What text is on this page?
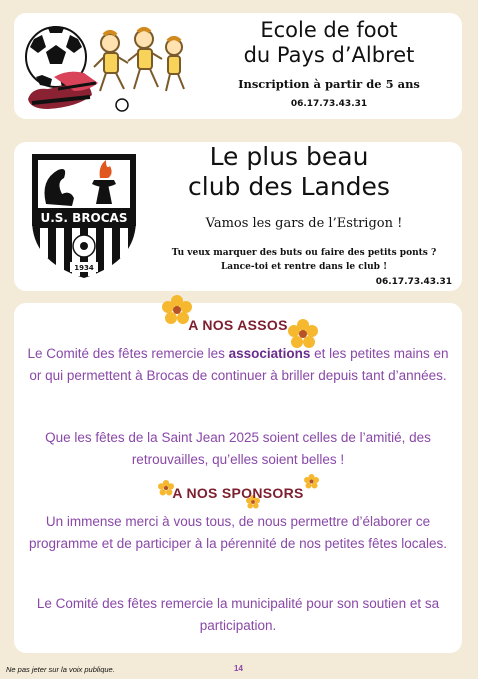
Ecole de foot
du Pays d’Albret
Inscription à partir de 5 ans
06.17.73.43.31
U.S. BROCAS
1934
Le plus beau
club des Landes
Vamos les gars de l’Estrigon !
Tu veux marquer des buts ou faire des petits ponts ?
Lance-toi et rentre dans le club !
06.17.73.43.31
A NOS ASSOS
Le Comité des fêtes remercie les associations et les petites mains en or qui permettent à Brocas de continuer à briller depuis tant d’années.
Que les fêtes de la Saint Jean 2025 soient celles de l’amitié, des retrouvailles, qu’elles soient belles !
A NOS SPONSORS
Un immense merci à vous tous, de nous permettre d’élaborer ce programme et de participer à la pérennité de nos petites fêtes locales.
Le Comité des fêtes remercie la municipalité pour son soutien et sa participation.
Ne pas jeter sur la voix publique.	14
